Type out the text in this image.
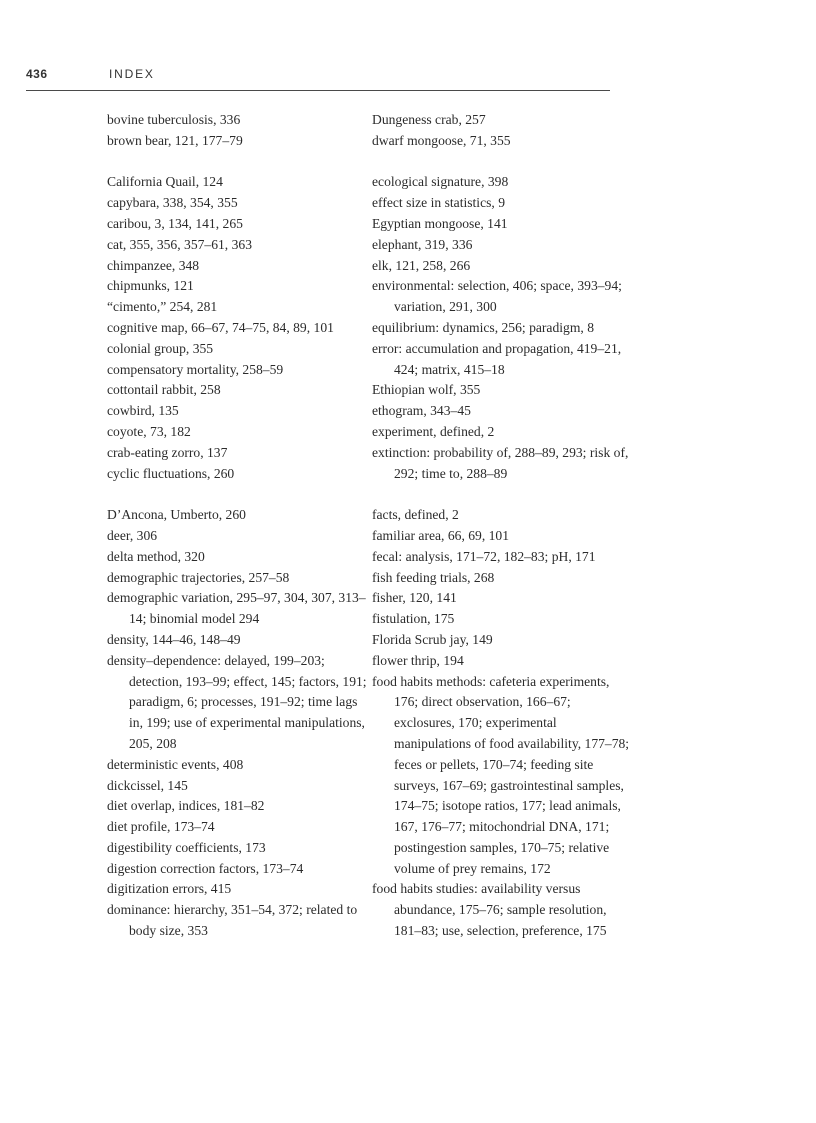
436	INDEX
bovine tuberculosis, 336
brown bear, 121, 177–79
California Quail, 124
capybara, 338, 354, 355
caribou, 3, 134, 141, 265
cat, 355, 356, 357–61, 363
chimpanzee, 348
chipmunks, 121
“cimento,” 254, 281
cognitive map, 66–67, 74–75, 84, 89, 101
colonial group, 355
compensatory mortality, 258–59
cottontail rabbit, 258
cowbird, 135
coyote, 73, 182
crab-eating zorro, 137
cyclic fluctuations, 260
D’Ancona, Umberto, 260
deer, 306
delta method, 320
demographic trajectories, 257–58
demographic variation, 295–97, 304, 307, 313–14; binomial model 294
density, 144–46, 148–49
density–dependence: delayed, 199–203; detection, 193–99; effect, 145; factors, 191; paradigm, 6; processes, 191–92; time lags in, 199; use of experimental manipulations, 205, 208
deterministic events, 408
dickcissel, 145
diet overlap, indices, 181–82
diet profile, 173–74
digestibility coefficients, 173
digestion correction factors, 173–74
digitization errors, 415
dominance: hierarchy, 351–54, 372; related to body size, 353
Dungeness crab, 257
dwarf mongoose, 71, 355
ecological signature, 398
effect size in statistics, 9
Egyptian mongoose, 141
elephant, 319, 336
elk, 121, 258, 266
environmental: selection, 406; space, 393–94; variation, 291, 300
equilibrium: dynamics, 256; paradigm, 8
error: accumulation and propagation, 419–21, 424; matrix, 415–18
Ethiopian wolf, 355
ethogram, 343–45
experiment, defined, 2
extinction: probability of, 288–89, 293; risk of, 292; time to, 288–89
facts, defined, 2
familiar area, 66, 69, 101
fecal: analysis, 171–72, 182–83; pH, 171
fish feeding trials, 268
fisher, 120, 141
fistulation, 175
Florida Scrub jay, 149
flower thrip, 194
food habits methods: cafeteria experiments, 176; direct observation, 166–67; exclosures, 170; experimental manipulations of food availability, 177–78; feces or pellets, 170–74; feeding site surveys, 167–69; gastrointestinal samples, 174–75; isotope ratios, 177; lead animals, 167, 176–77; mitochondrial DNA, 171; postingestion samples, 170–75; relative volume of prey remains, 172
food habits studies: availability versus abundance, 175–76; sample resolution, 181–83; use, selection, preference, 175
